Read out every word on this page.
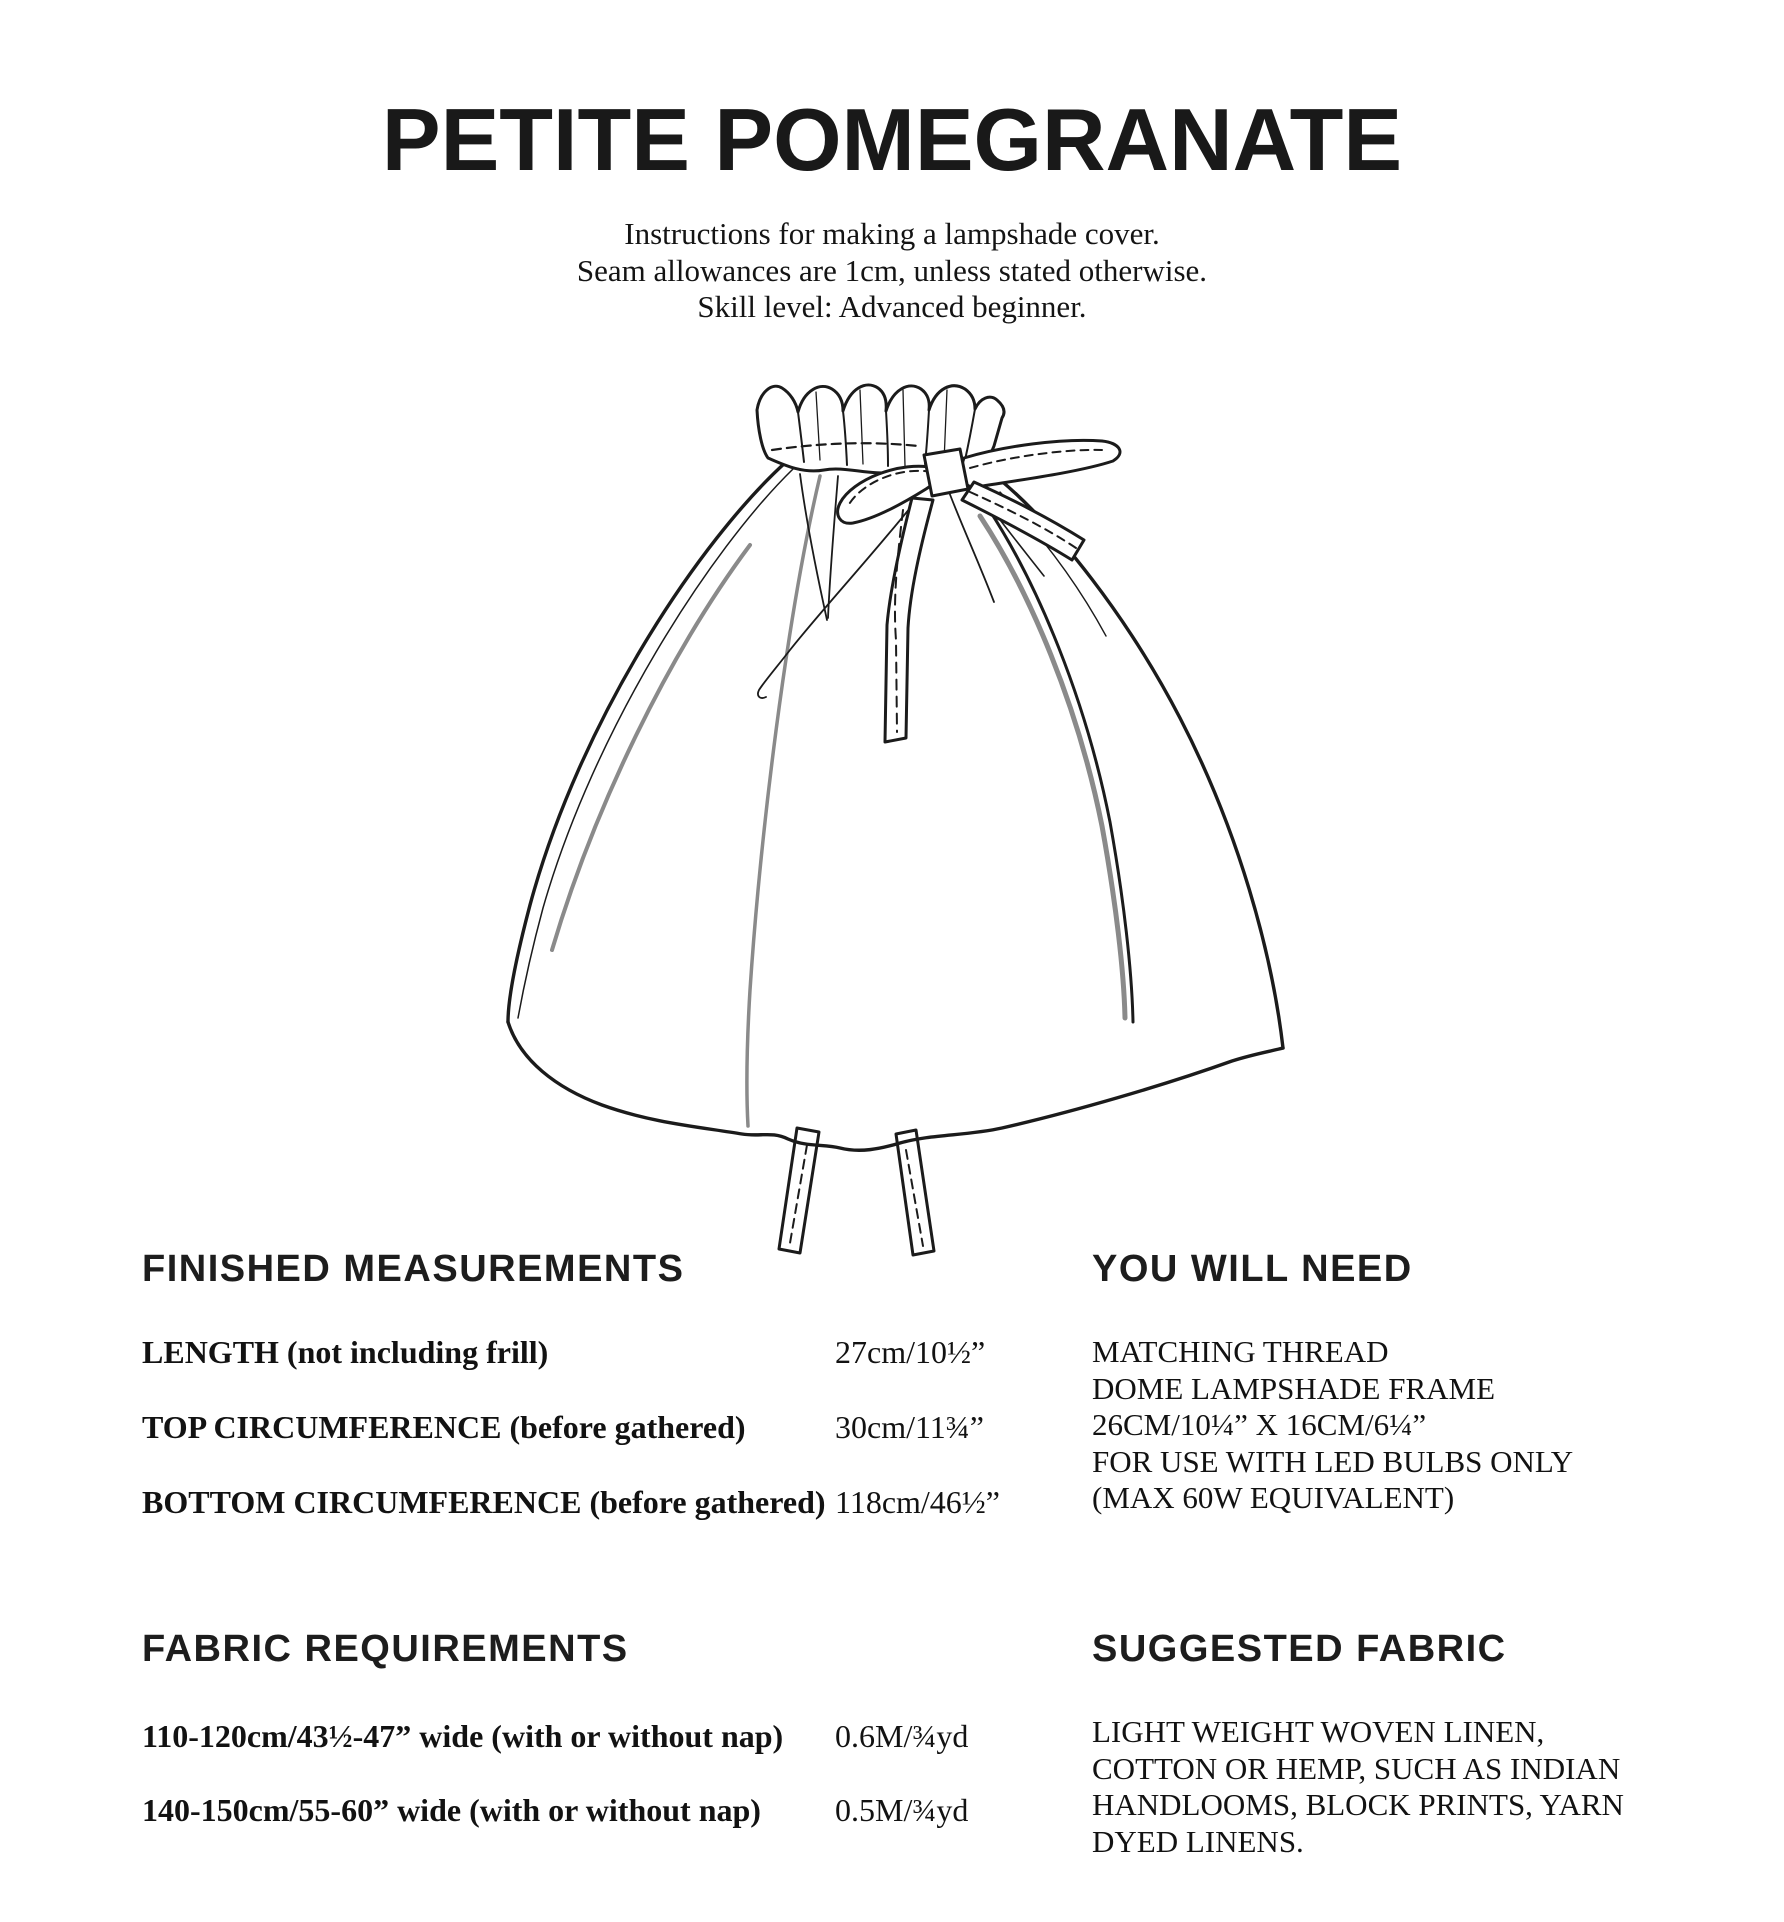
PETITE POMEGRANATE
Instructions for making a lampshade cover.
Seam allowances are 1cm, unless stated otherwise.
Skill level: Advanced beginner.
FINISHED MEASUREMENTS
LENGTH (not including frill)	27cm/10½”
TOP CIRCUMFERENCE (before gathered)	30cm/11¾”
BOTTOM CIRCUMFERENCE (before gathered) 118cm/46½”
YOU WILL NEED
MATCHING THREAD
DOME LAMPSHADE FRAME
26CM/10¼” X 16CM/6¼”
FOR USE WITH LED BULBS ONLY
(MAX 60W EQUIVALENT)
FABRIC REQUIREMENTS
110-120cm/43½-47” wide (with or without nap) 0.6M/¾yd
140-150cm/55-60” wide (with or without nap) 0.5M/¾yd
SUGGESTED FABRIC
LIGHT WEIGHT WOVEN LINEN,
COTTON OR HEMP, SUCH AS INDIAN
HANDLOOMS, BLOCK PRINTS, YARN
DYED LINENS.
